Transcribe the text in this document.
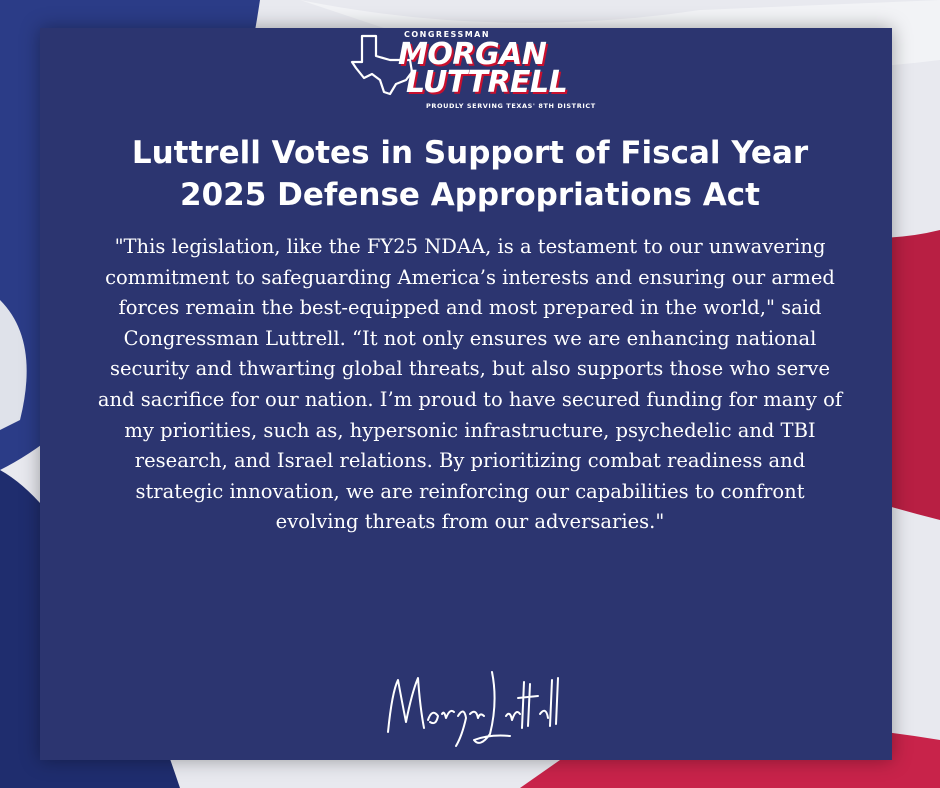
CONGRESSMAN
MORGAN
LUTTRELL
PROUDLY SERVING TEXAS' 8TH DISTRICT
Luttrell Votes in Support of Fiscal Year
2025 Defense Appropriations Act

"This legislation, like the FY25 NDAA, is a testament to our unwavering commitment to safeguarding America’s interests and ensuring our armed forces remain the best-equipped and most prepared in the world," said Congressman Luttrell. “It not only ensures we are enhancing national security and thwarting global threats, but also supports those who serve and sacrifice for our nation. I’m proud to have secured funding for many of my priorities, such as, hypersonic infrastructure, psychedelic and TBI research, and Israel relations. By prioritizing combat readiness and strategic innovation, we are reinforcing our capabilities to confront evolving threats from our adversaries."
